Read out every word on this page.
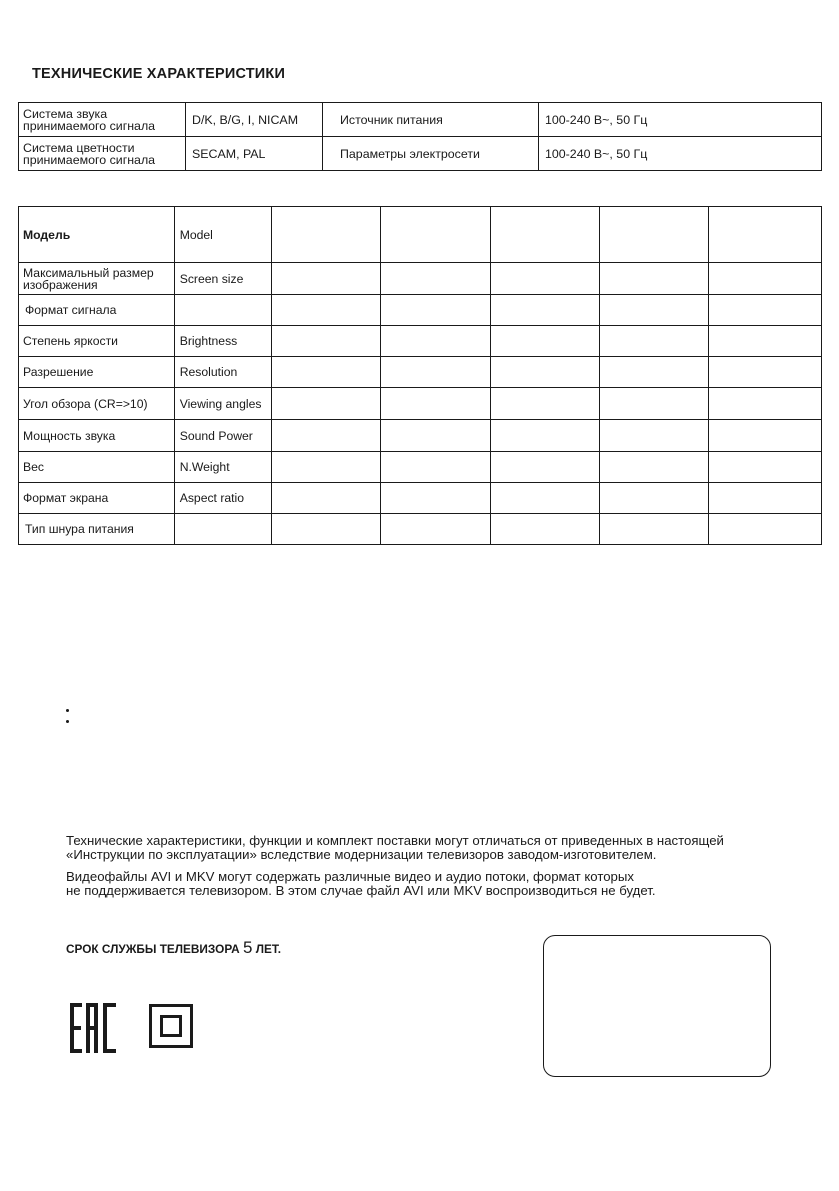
ТЕХНИЧЕСКИЕ ХАРАКТЕРИСТИКИ
Система звука принимаемого сигнала	D/K, B/G, I, NICAM	Источник питания	100-240 В~, 50 Гц
Система цветности принимаемого сигнала	SECAM, PAL	Параметры электросети	100-240 В~, 50 Гц
Модель	Model					
Максимальный размер изображения	Screen size					
Формат сигнала						
Степень яркости	Brightness					
Разрешение	Resolution					
Угол обзора (CR=>10)	Viewing angles					
Мощность звука	Sound Power					
Вес	N.Weight					
Формат экрана	Aspect ratio					
Тип шнура питания						
Технические характеристики, функции и комплект поставки могут отличаться от приведенных в настоящей
«Инструкции по эксплуатации» вследствие модернизации телевизоров заводом-изготовителем.
Видеофайлы AVI и MKV могут содержать различные видео и аудио потоки, формат которых
не поддерживается телевизором. В этом случае файл AVI или MKV воспроизводиться не будет.
СРОК СЛУЖБЫ ТЕЛЕВИЗОРА 5 ЛЕТ.
